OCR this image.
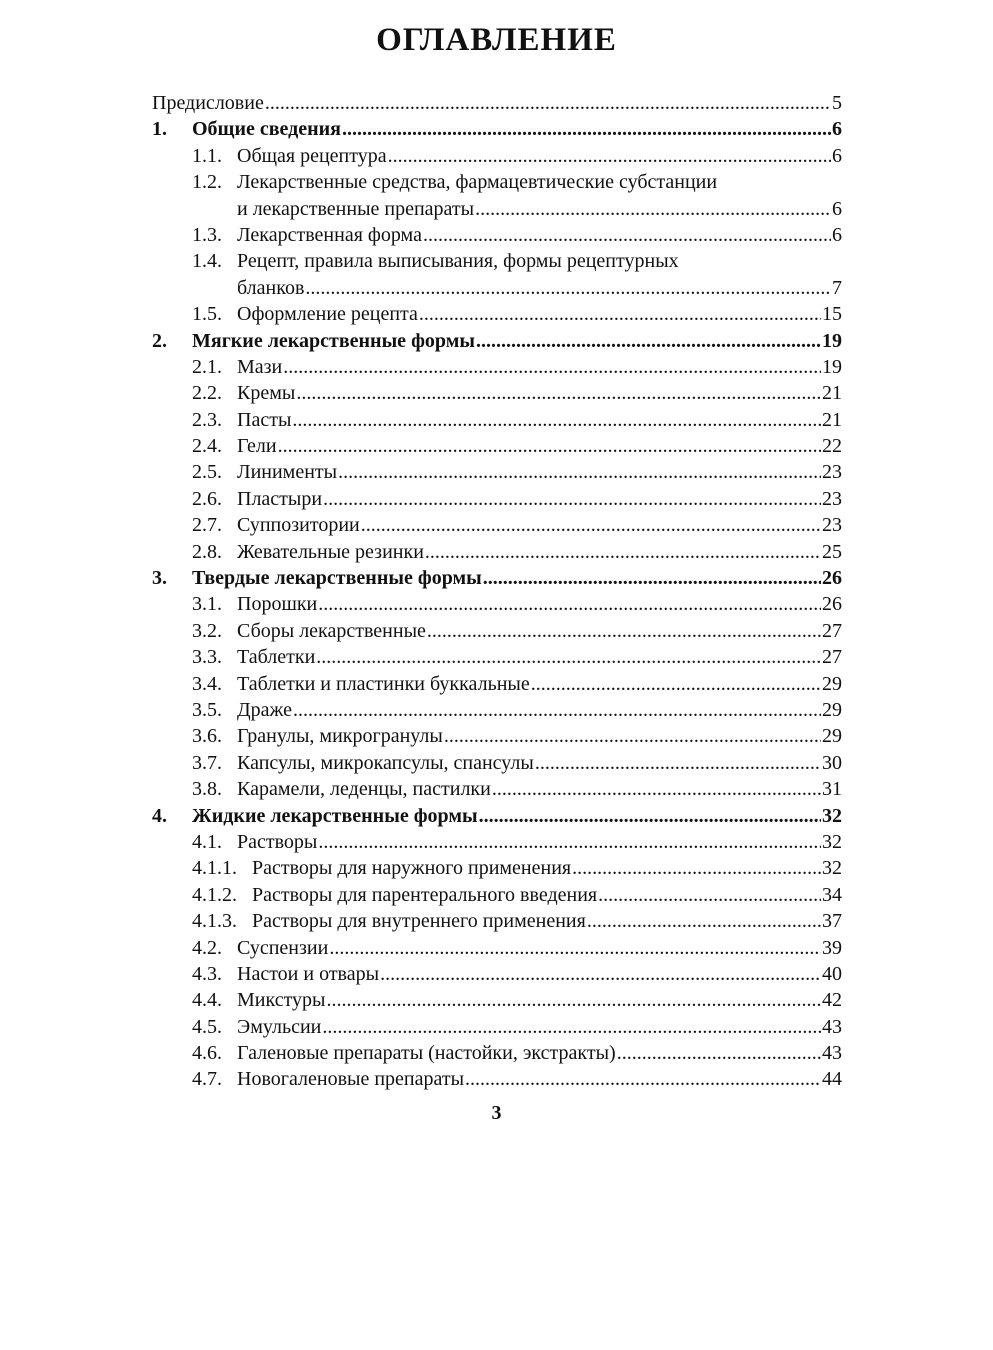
ОГЛАВЛЕНИЕ
Предисловие .....	5
1. Общие сведения .....	6
1.1. Общая рецептура .....	6
1.2. Лекарственные средства, фармацевтические субстанции
и лекарственные препараты .....	6
1.3. Лекарственная форма .....	6
1.4. Рецепт, правила выписывания, формы рецептурных
бланков .....	7
1.5. Оформление рецепта .....	15
2. Мягкие лекарственные формы .....	19
2.1. Мази .....	19
2.2. Кремы .....	21
2.3. Пасты .....	21
2.4. Гели .....	22
2.5. Линименты .....	23
2.6. Пластыри .....	23
2.7. Суппозитории .....	23
2.8. Жевательные резинки .....	25
3. Твердые лекарственные формы .....	26
3.1. Порошки .....	26
3.2. Сборы лекарственные .....	27
3.3. Таблетки .....	27
3.4. Таблетки и пластинки буккальные .....	29
3.5. Драже .....	29
3.6. Гранулы, микрогранулы .....	29
3.7. Капсулы, микрокапсулы, спансулы .....	30
3.8. Карамели, леденцы, пастилки .....	31
4. Жидкие лекарственные формы .....	32
4.1. Растворы .....	32
4.1.1. Растворы для наружного применения .....	32
4.1.2. Растворы для парентерального введения .....	34
4.1.3. Растворы для внутреннего применения .....	37
4.2. Суспензии .....	39
4.3. Настои и отвары .....	40
4.4. Микстуры .....	42
4.5. Эмульсии .....	43
4.6. Галеновые препараты (настойки, экстракты) .....	43
4.7. Новогаленовые препараты .....	44
3
